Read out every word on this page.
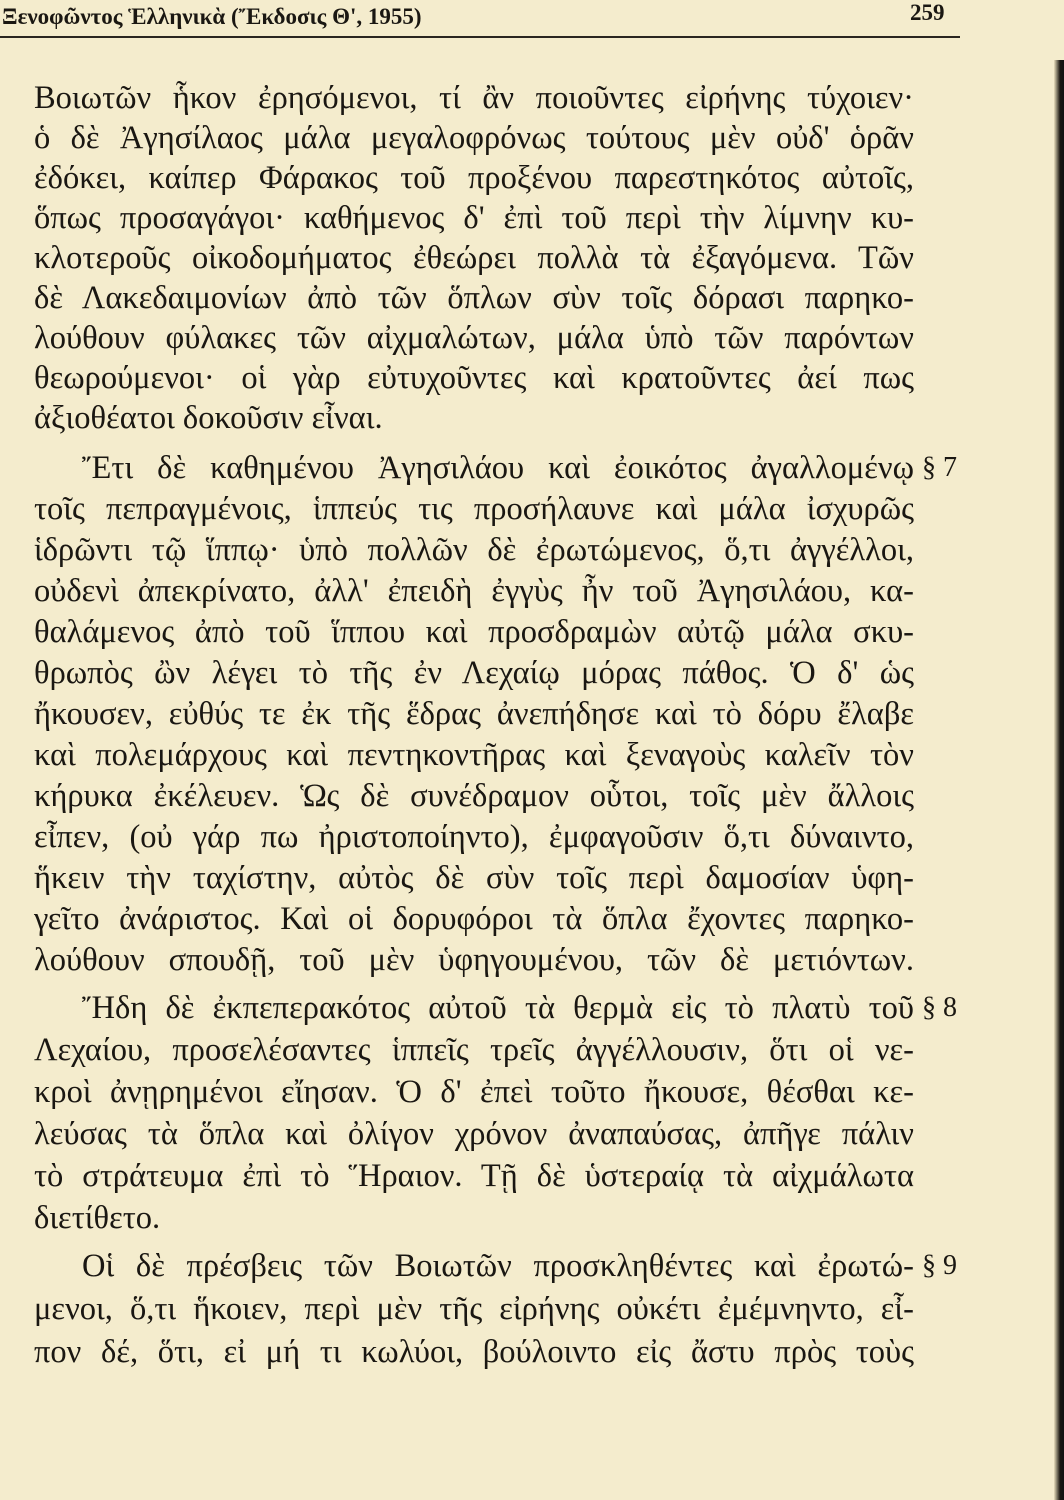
Ξενοφῶντος Ἑλληνικὰ (Ἔκδοσις Θ', 1955)	259
Βοιωτῶν ἧκον ἐρησόμενοι, τί ἂν ποιοῦντες εἰρήνης τύχοιεν·
ὁ δὲ Ἀγησίλαος μάλα μεγαλοφρόνως τούτους μὲν οὐδ' ὁρᾶν
ἐδόκει, καίπερ Φάρακος τοῦ προξένου παρεστηκότος αὐτοῖς,
ὅπως προσαγάγοι· καθήμενος δ' ἐπὶ τοῦ περὶ τὴν λίμνην κυ-
κλοτεροῦς οἰκοδομήματος ἐθεώρει πολλὰ τὰ ἐξαγόμενα. Τῶν
δὲ Λακεδαιμονίων ἀπὸ τῶν ὅπλων σὺν τοῖς δόρασι παρηκο-
λούθουν φύλακες τῶν αἰχμαλώτων, μάλα ὑπὸ τῶν παρόντων
θεωρούμενοι· οἱ γὰρ εὐτυχοῦντες καὶ κρατοῦντες ἀεί πως
ἀξιοθέατοι δοκοῦσιν εἶναι.
Ἔτι δὲ καθημένου Ἀγησιλάου καὶ ἐοικότος ἀγαλλομένῳ § 7
τοῖς πεπραγμένοις, ἱππεύς τις προσήλαυνε καὶ μάλα ἰσχυρῶς
ἱδρῶντι τῷ ἵππῳ· ὑπὸ πολλῶν δὲ ἐρωτώμενος, ὅ,τι ἀγγέλλοι,
οὐδενὶ ἀπεκρίνατο, ἀλλ' ἐπειδὴ ἐγγὺς ἦν τοῦ Ἀγησιλάου, κα-
θαλάμενος ἀπὸ τοῦ ἵππου καὶ προσδραμὼν αὐτῷ μάλα σκυ-
θρωπὸς ὢν λέγει τὸ τῆς ἐν Λεχαίῳ μόρας πάθος. Ὁ δ' ὡς
ἤκουσεν, εὐθύς τε ἐκ τῆς ἕδρας ἀνεπήδησε καὶ τὸ δόρυ ἔλαβε
καὶ πολεμάρχους καὶ πεντηκοντῆρας καὶ ξεναγοὺς καλεῖν τὸν
κήρυκα ἐκέλευεν. Ὡς δὲ συνέδραμον οὗτοι, τοῖς μὲν ἄλλοις
εἶπεν, (οὐ γάρ πω ἠριστοποίηντο), ἐμφαγοῦσιν ὅ,τι δύναιντο,
ἥκειν τὴν ταχίστην, αὐτὸς δὲ σὺν τοῖς περὶ δαμοσίαν ὑφη-
γεῖτο ἀνάριστος. Καὶ οἱ δορυφόροι τὰ ὅπλα ἔχοντες παρηκο-
λούθουν σπουδῇ, τοῦ μὲν ὑφηγουμένου, τῶν δὲ μετιόντων.
Ἤδη δὲ ἐκπεπερακότος αὐτοῦ τὰ θερμὰ εἰς τὸ πλατὺ τοῦ § 8
Λεχαίου, προσελέσαντες ἱππεῖς τρεῖς ἀγγέλλουσιν, ὅτι οἱ νε-
κροὶ ἀνῃρημένοι εἴησαν. Ὁ δ' ἐπεὶ τοῦτο ἤκουσε, θέσθαι κε-
λεύσας τὰ ὅπλα καὶ ὀλίγον χρόνον ἀναπαύσας, ἀπῆγε πάλιν
τὸ στράτευμα ἐπὶ τὸ Ἥραιον. Τῇ δὲ ὑστεραίᾳ τὰ αἰχμάλωτα
διετίθετο.
Οἱ δὲ πρέσβεις τῶν Βοιωτῶν προσκληθέντες καὶ ἐρωτώ- § 9
μενοι, ὅ,τι ἥκοιεν, περὶ μὲν τῆς εἰρήνης οὐκέτι ἐμέμνηντο, εἶ-
πον δέ, ὅτι, εἰ μή τι κωλύοι, βούλοιντο εἰς ἄστυ πρὸς τοὺς
